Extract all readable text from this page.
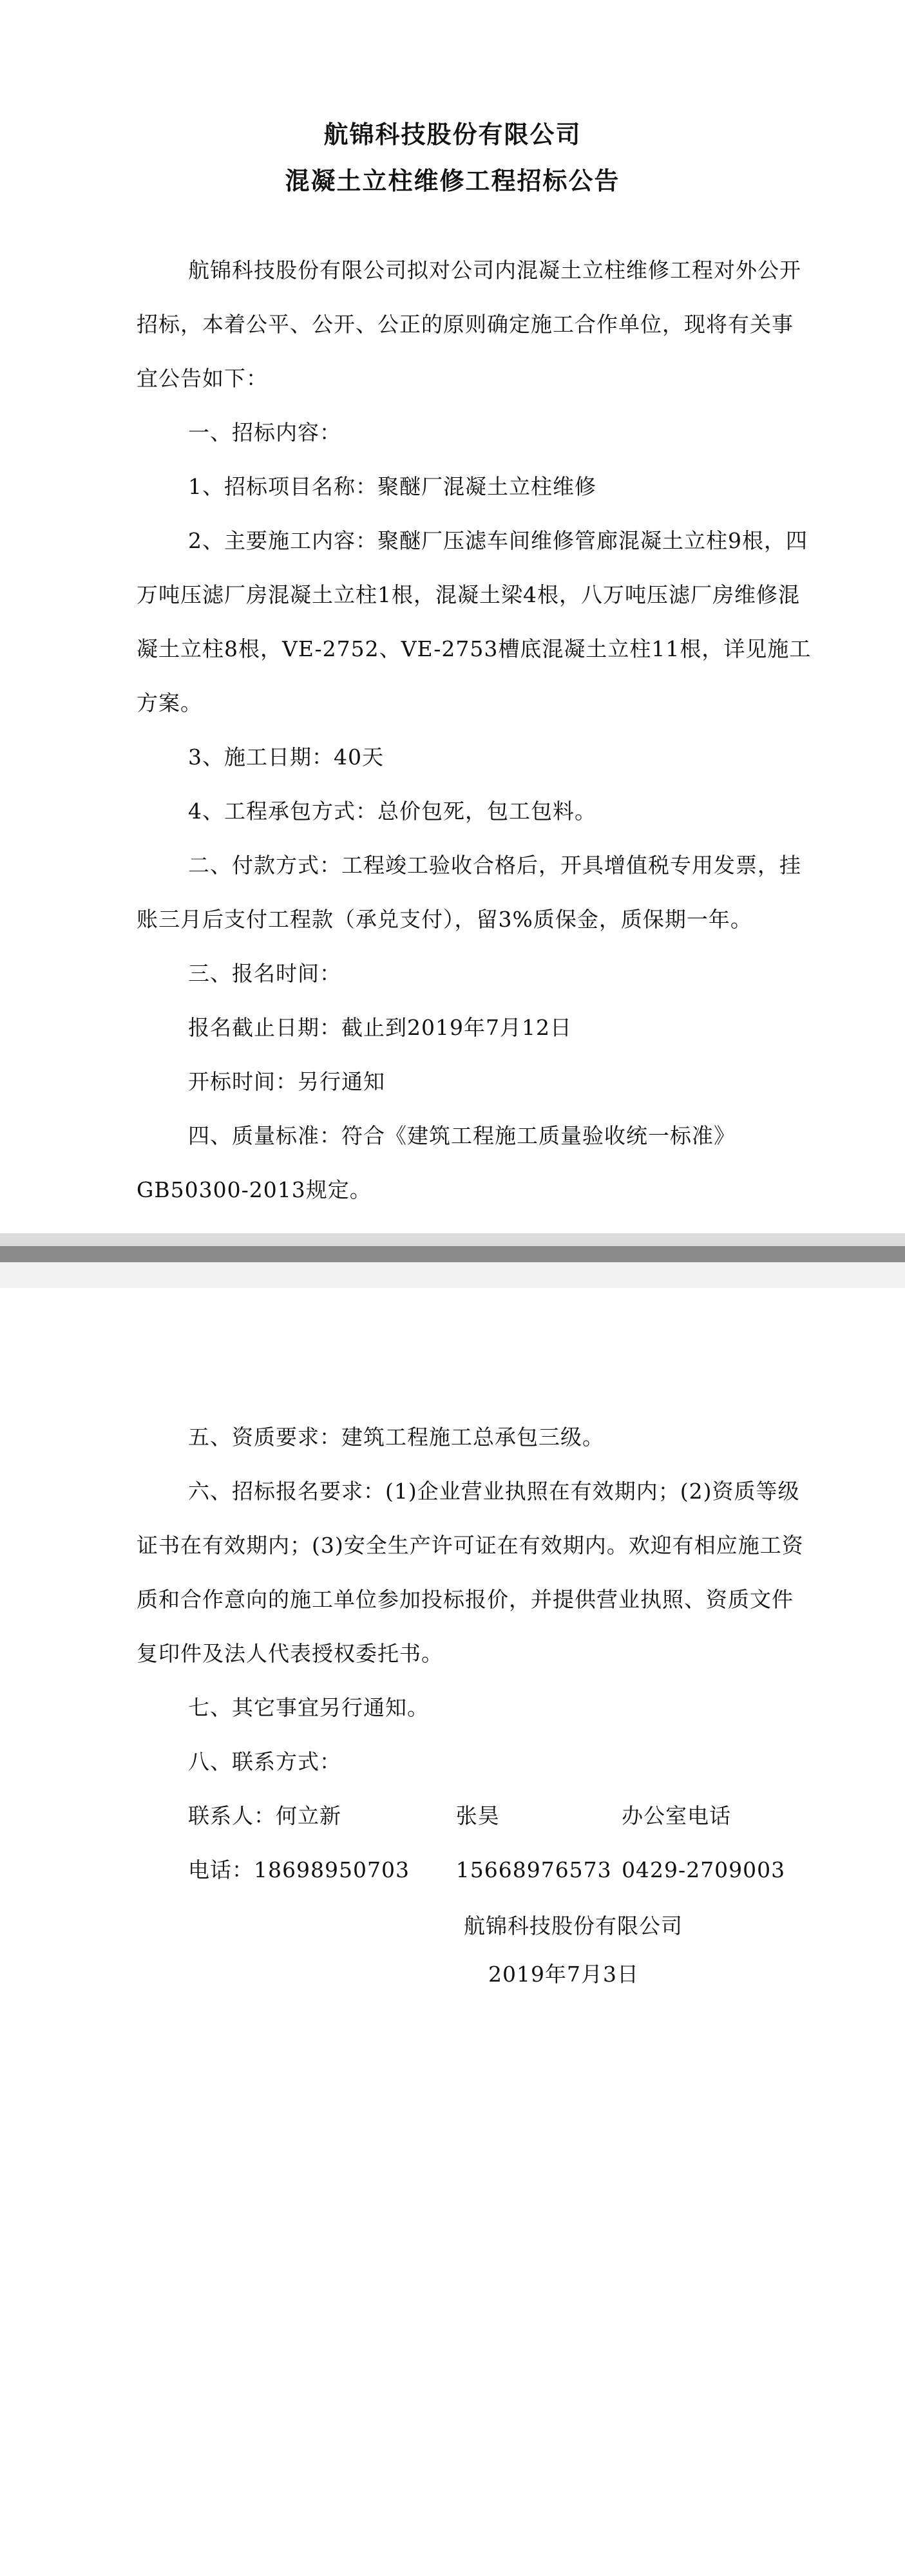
航锦科技股份有限公司
混凝土立柱维修工程招标公告

航锦科技股份有限公司拟对公司内混凝土立柱维修工程对外公开招标，本着公平、公开、公正的原则确定施工合作单位，现将有关事宜公告如下：

一、招标内容：

1、招标项目名称：聚醚厂混凝土立柱维修

2、主要施工内容：聚醚厂压滤车间维修管廊混凝土立柱9根，四万吨压滤厂房混凝土立柱1根，混凝土梁4根，八万吨压滤厂房维修混凝土立柱8根，VE-2752、VE-2753槽底混凝土立柱11根，详见施工方案。

3、施工日期：40天

4、工程承包方式：总价包死，包工包料。

二、付款方式：工程竣工验收合格后，开具增值税专用发票，挂账三月后支付工程款（承兑支付），留3%质保金，质保期一年。

三、报名时间：

报名截止日期：截止到2019年7月12日

开标时间：另行通知

四、质量标准：符合《建筑工程施工质量验收统一标准》GB50300-2013规定。

五、资质要求：建筑工程施工总承包三级。

六、招标报名要求：(1)企业营业执照在有效期内；(2)资质等级证书在有效期内；(3)安全生产许可证在有效期内。欢迎有相应施工资质和合作意向的施工单位参加投标报价，并提供营业执照、资质文件复印件及法人代表授权委托书。

七、其它事宜另行通知。

八、联系方式：

联系人：何立新	张昊	办公室电话
电话：18698950703	15668976573 0429-2709003
航锦科技股份有限公司
2019年7月3日
